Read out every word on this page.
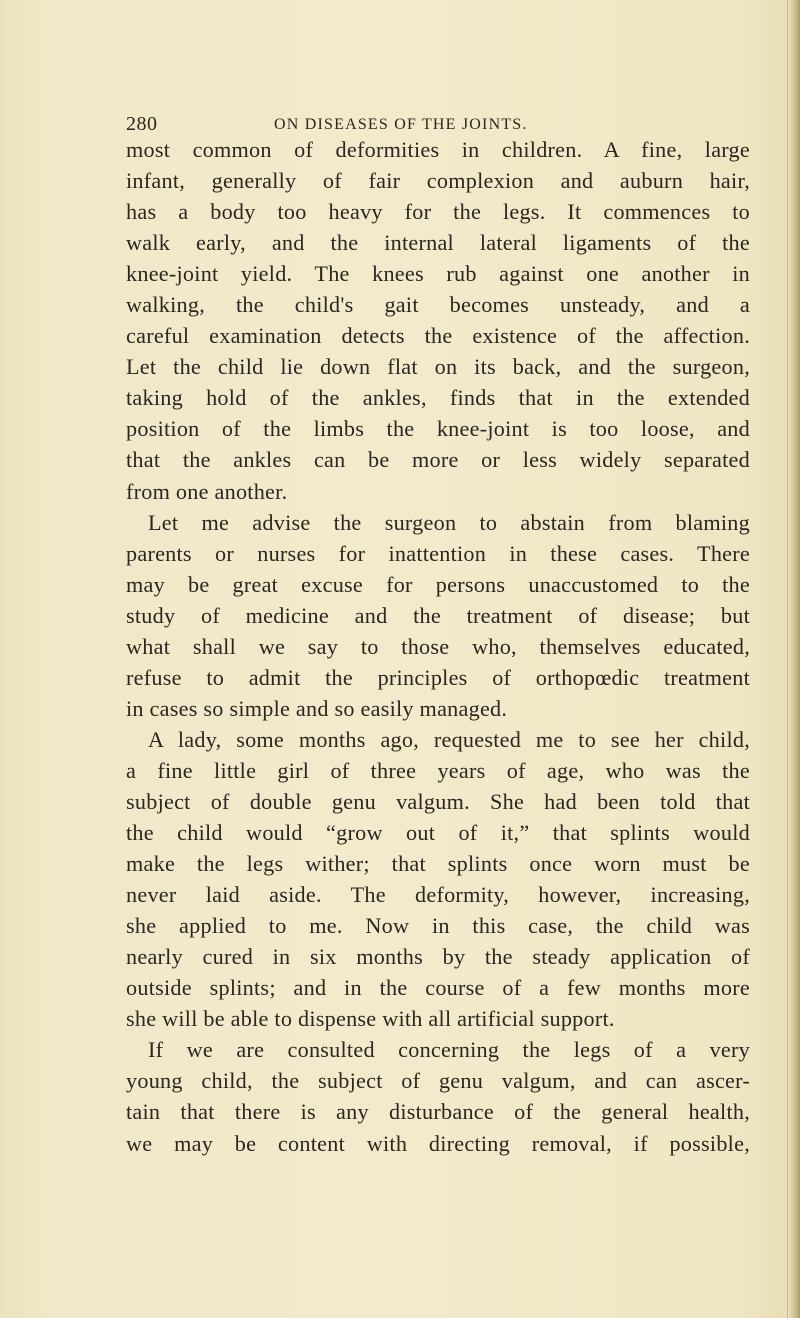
280	ON DISEASES OF THE JOINTS.
most common of deformities in children. A fine, large
infant, generally of fair complexion and auburn hair,
has a body too heavy for the legs. It commences to
walk early, and the internal lateral ligaments of the
knee-joint yield. The knees rub against one another in
walking, the child's gait becomes unsteady, and a
careful examination detects the existence of the affection.
Let the child lie down flat on its back, and the surgeon,
taking hold of the ankles, finds that in the extended
position of the limbs the knee-joint is too loose, and
that the ankles can be more or less widely separated
from one another.
Let me advise the surgeon to abstain from blaming
parents or nurses for inattention in these cases. There
may be great excuse for persons unaccustomed to the
study of medicine and the treatment of disease; but
what shall we say to those who, themselves educated,
refuse to admit the principles of orthopœdic treatment
in cases so simple and so easily managed.
A lady, some months ago, requested me to see her child,
a fine little girl of three years of age, who was the
subject of double genu valgum. She had been told that
the child would “grow out of it,” that splints would
make the legs wither; that splints once worn must be
never laid aside. The deformity, however, increasing,
she applied to me. Now in this case, the child was
nearly cured in six months by the steady application of
outside splints; and in the course of a few months more
she will be able to dispense with all artificial support.
If we are consulted concerning the legs of a very
young child, the subject of genu valgum, and can ascer-
tain that there is any disturbance of the general health,
we may be content with directing removal, if possible,
